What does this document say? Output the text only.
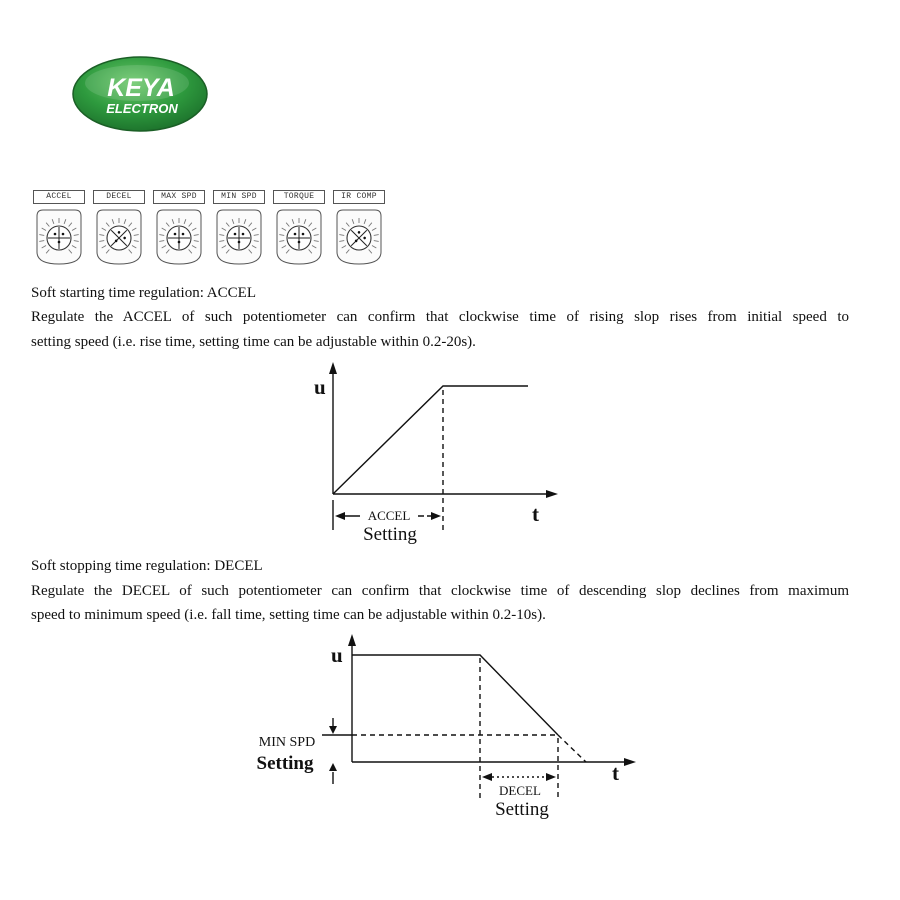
KEYA
ELECTRON
ACCEL	DECEL	MAX SPD	MIN SPD	TORQUE	IR COMP
Soft starting time regulation: ACCEL
Regulate the ACCEL of such potentiometer can confirm that clockwise time of rising slop rises from initial speed to
setting speed (i.e. rise time, setting time can be adjustable within 0.2-20s).
Soft stopping time regulation: DECEL
Regulate the DECEL of such potentiometer can confirm that clockwise time of descending slop declines from maximum
speed to minimum speed (i.e. fall time, setting time can be adjustable within 0.2-10s).
u
t
ACCEL
Setting
u
t
MIN SPD
Setting
DECEL
Setting
